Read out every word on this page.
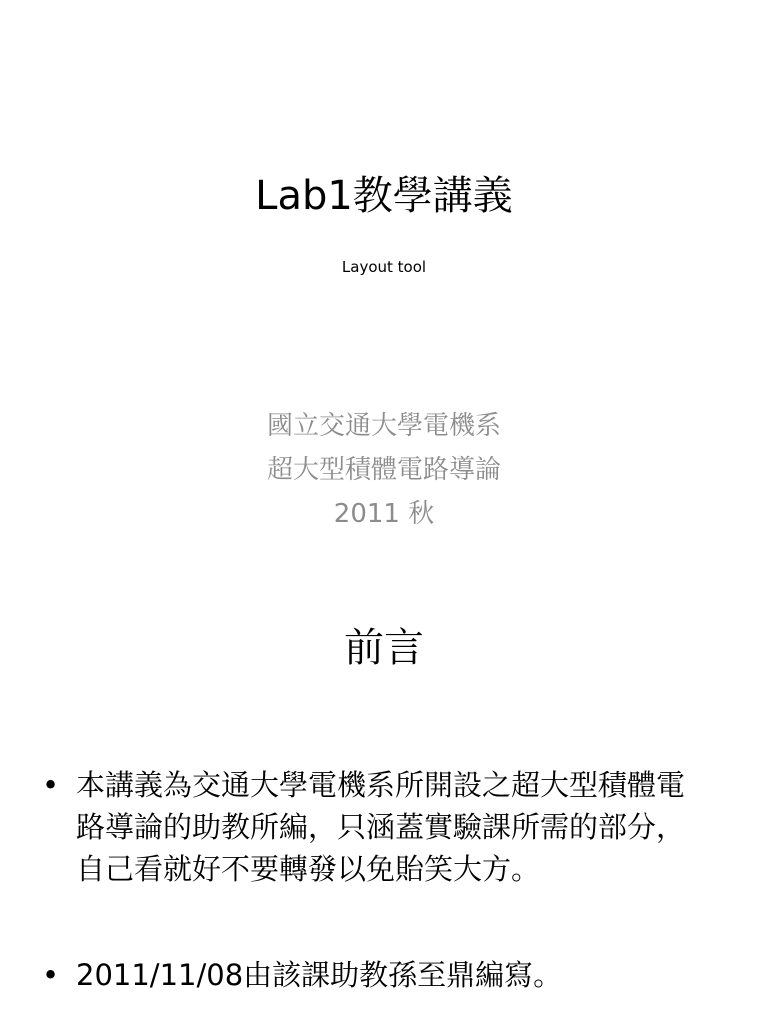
Lab1教學講義
Layout tool
國立交通大學電機系
超大型積體電路導論
2011 秋
前言
• 本講義為交通大學電機系所開設之超大型積體電路導論的助教所編，只涵蓋實驗課所需的部分，自己看就好不要轉發以免貽笑大方。
• 2011/11/08由該課助教孫至鼎編寫。
